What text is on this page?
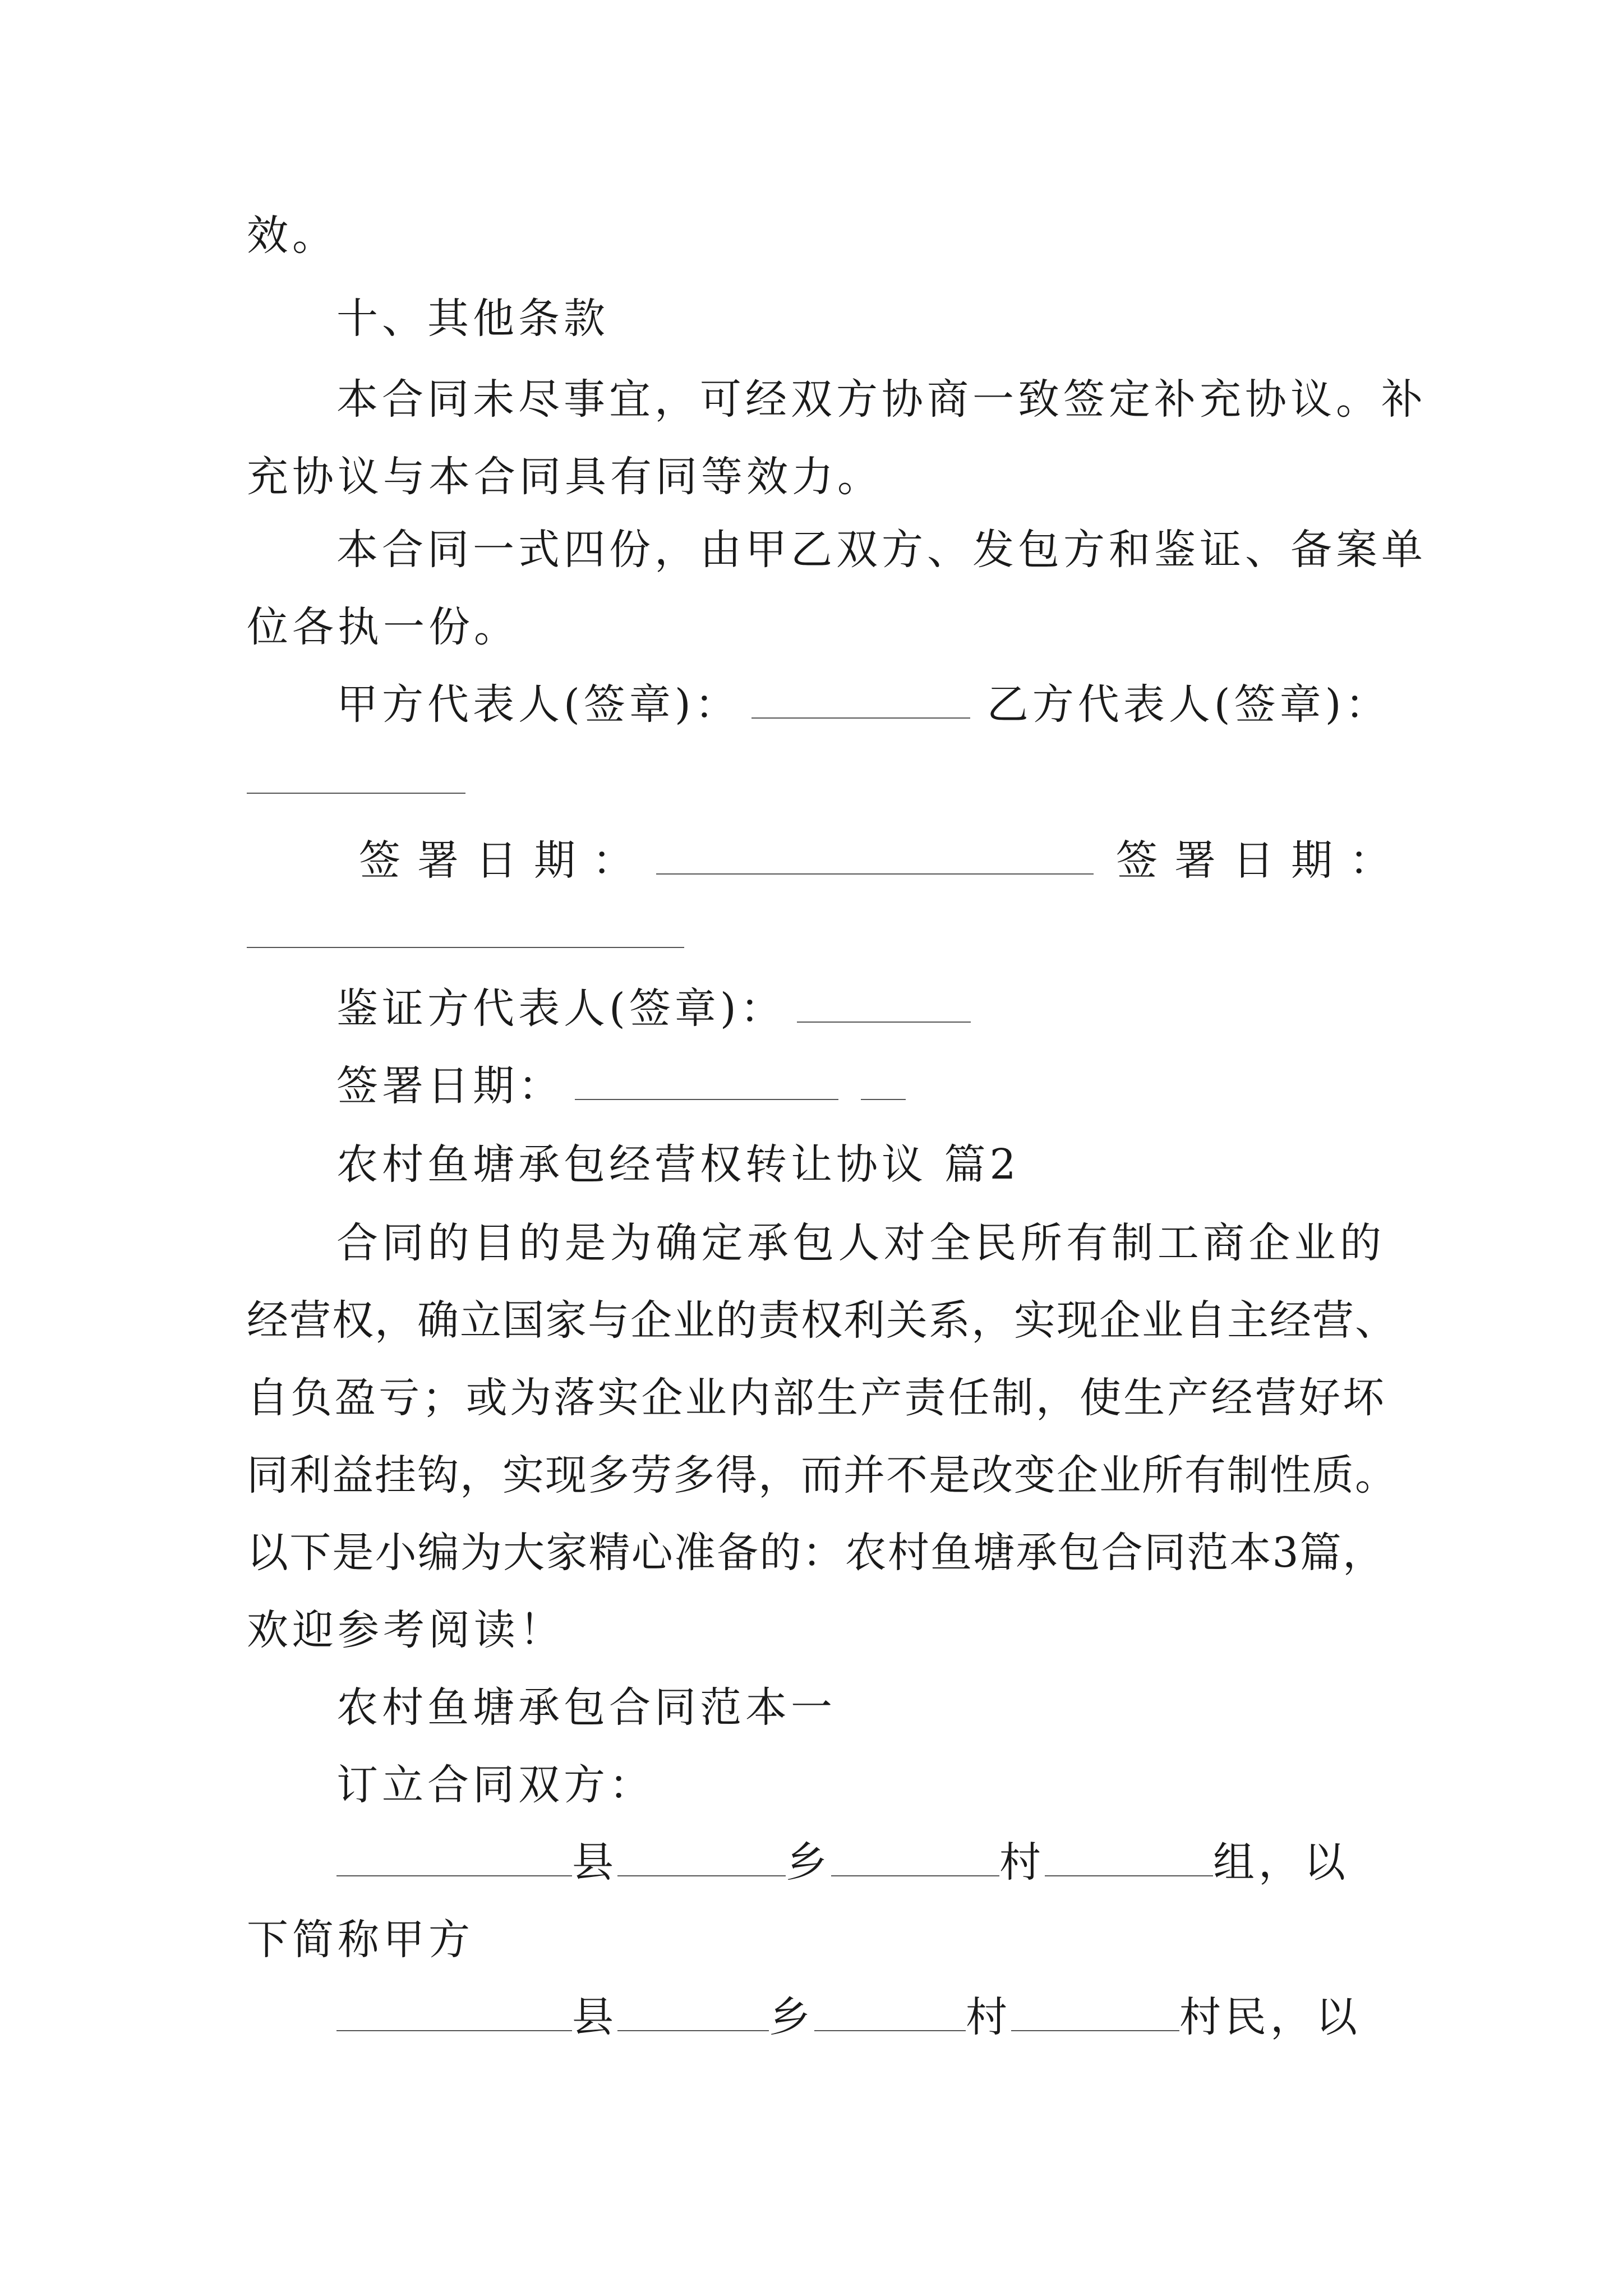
效。
十、其他条款
本合同未尽事宜，可经双方协商一致签定补充协议。补
充协议与本合同具有同等效力。
本合同一式四份，由甲乙双方、发包方和鉴证、备案单
位各执一份。
甲方代表人(签章)：	乙方代表人(签章)：
签署日期：	签署日期：
鉴证方代表人(签章)：
签署日期：
农村鱼塘承包经营权转让协议 篇2
合同的目的是为确定承包人对全民所有制工商企业的
经营权，确立国家与企业的责权利关系，实现企业自主经营、
自负盈亏；或为落实企业内部生产责任制，使生产经营好坏
同利益挂钩，实现多劳多得，而并不是改变企业所有制性质。
以下是小编为大家精心准备的：农村鱼塘承包合同范本3篇，
欢迎参考阅读！
农村鱼塘承包合同范本一
订立合同双方：
县	乡	村	组，以
下简称甲方
县	乡	村	村民，以
